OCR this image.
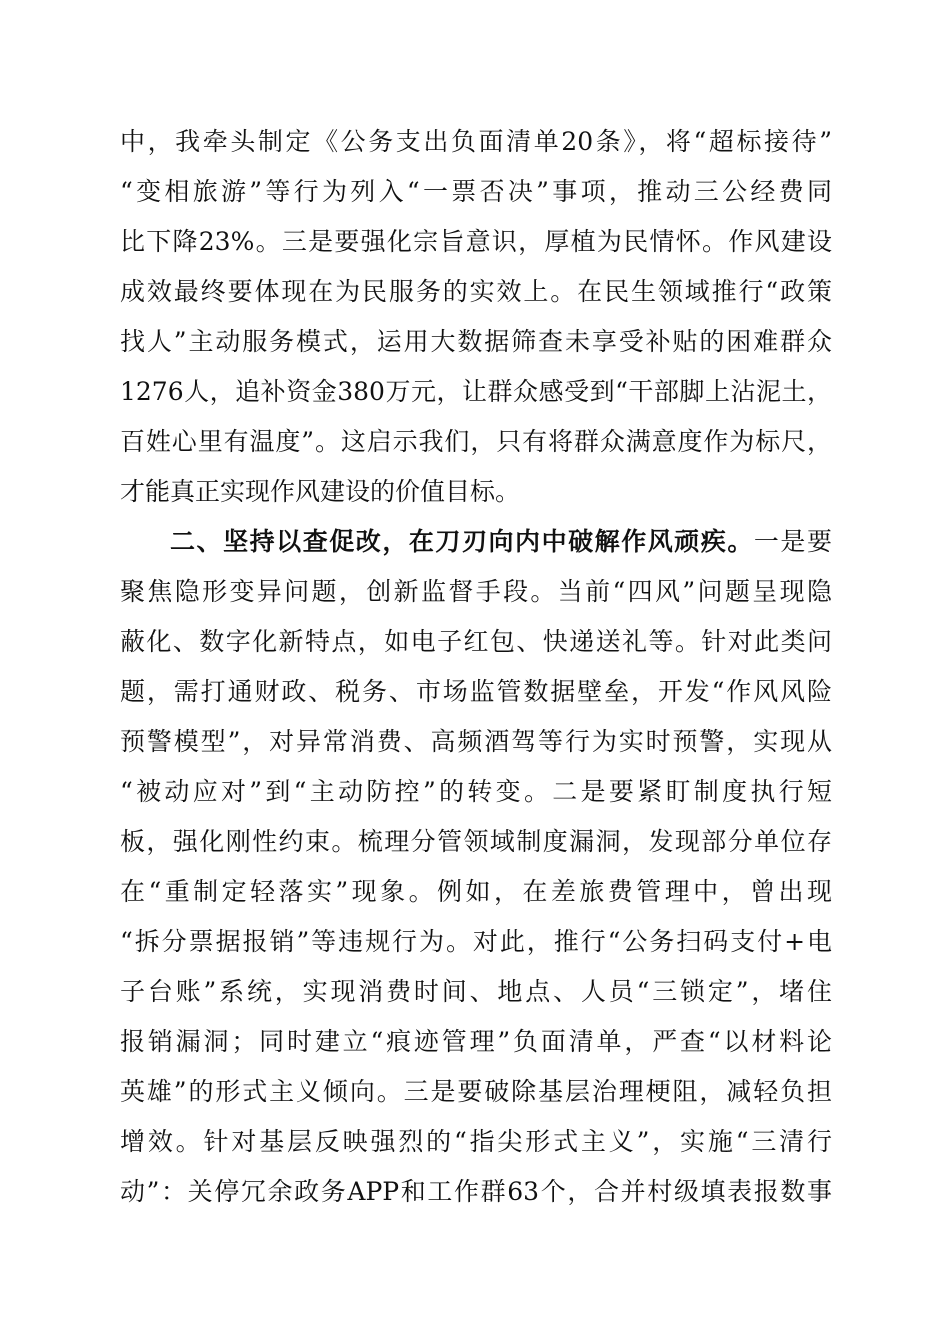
中，我牵头制定《公务支出负面清单20条》，将“超标接待”
“变相旅游”等行为列入“一票否决”事项，推动三公经费同
比下降23%。三是要强化宗旨意识，厚植为民情怀。作风建设
成效最终要体现在为民服务的实效上。在民生领域推行“政策
找人”主动服务模式，运用大数据筛查未享受补贴的困难群众
1276人，追补资金380万元，让群众感受到“干部脚上沾泥土，
百姓心里有温度”。这启示我们，只有将群众满意度作为标尺，
才能真正实现作风建设的价值目标。
二、坚持以查促改，在刀刃向内中破解作风顽疾。一是要
聚焦隐形变异问题，创新监督手段。当前“四风”问题呈现隐
蔽化、数字化新特点，如电子红包、快递送礼等。针对此类问
题，需打通财政、税务、市场监管数据壁垒，开发“作风风险
预警模型”，对异常消费、高频酒驾等行为实时预警，实现从
“被动应对”到“主动防控”的转变。二是要紧盯制度执行短
板，强化刚性约束。梳理分管领域制度漏洞，发现部分单位存
在“重制定轻落实”现象。例如，在差旅费管理中，曾出现
“拆分票据报销”等违规行为。对此，推行“公务扫码支付+电
子台账”系统，实现消费时间、地点、人员“三锁定”，堵住
报销漏洞；同时建立“痕迹管理”负面清单，严查“以材料论
英雄”的形式主义倾向。三是要破除基层治理梗阻，减轻负担
增效。针对基层反映强烈的“指尖形式主义”，实施“三清行
动”：关停冗余政务APP和工作群63个，合并村级填表报数事
